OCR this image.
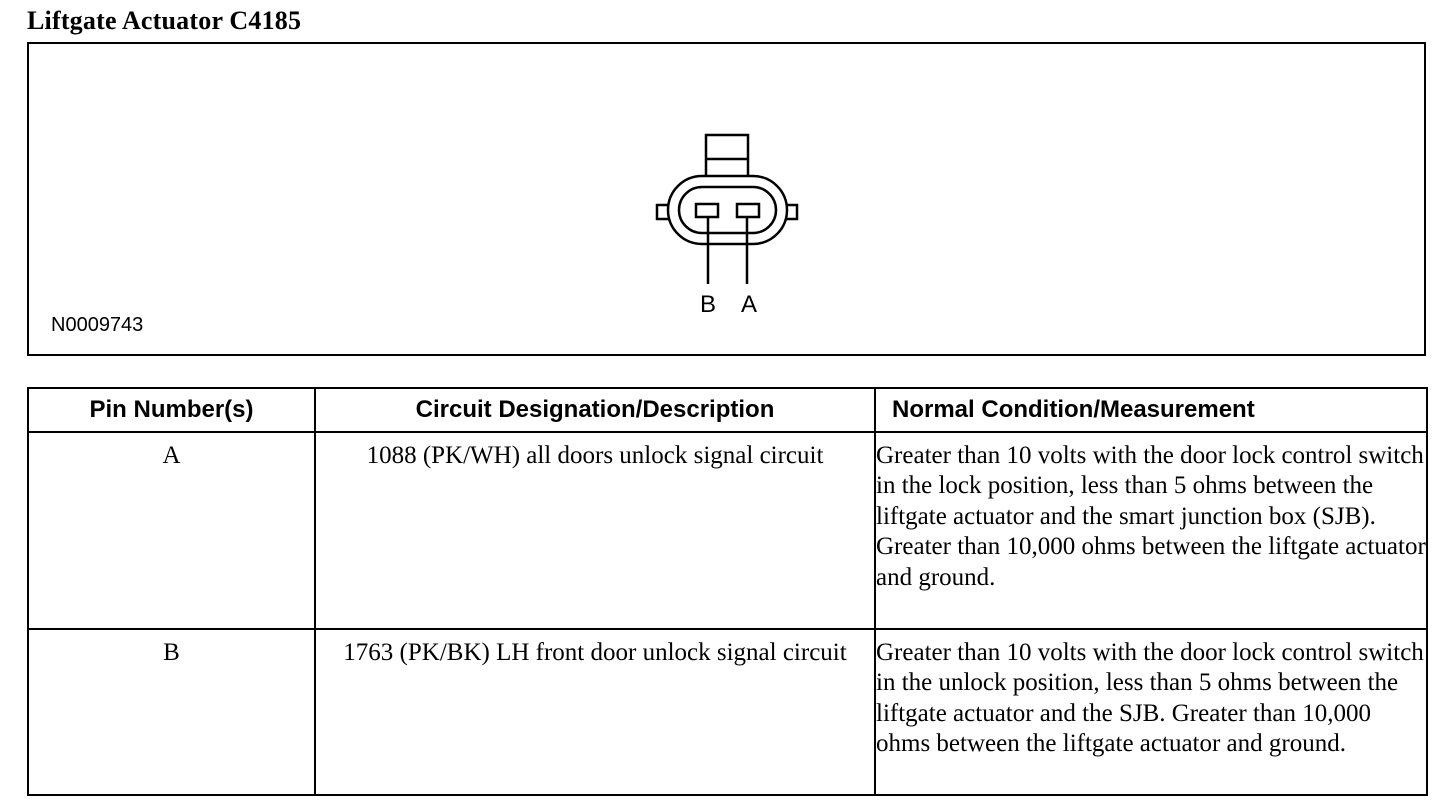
Liftgate Actuator C4185
B A
N0009743
Pin Number(s)	Circuit Designation/Description	Normal Condition/Measurement
A	1088 (PK/WH) all doors unlock signal circuit	Greater than 10 volts with the door lock control switch in the lock position, less than 5 ohms between the liftgate actuator and the smart junction box (SJB). Greater than 10,000 ohms between the liftgate actuator and ground.
B	1763 (PK/BK) LH front door unlock signal circuit	Greater than 10 volts with the door lock control switch in the unlock position, less than 5 ohms between the liftgate actuator and the SJB. Greater than 10,000 ohms between the liftgate actuator and ground.
